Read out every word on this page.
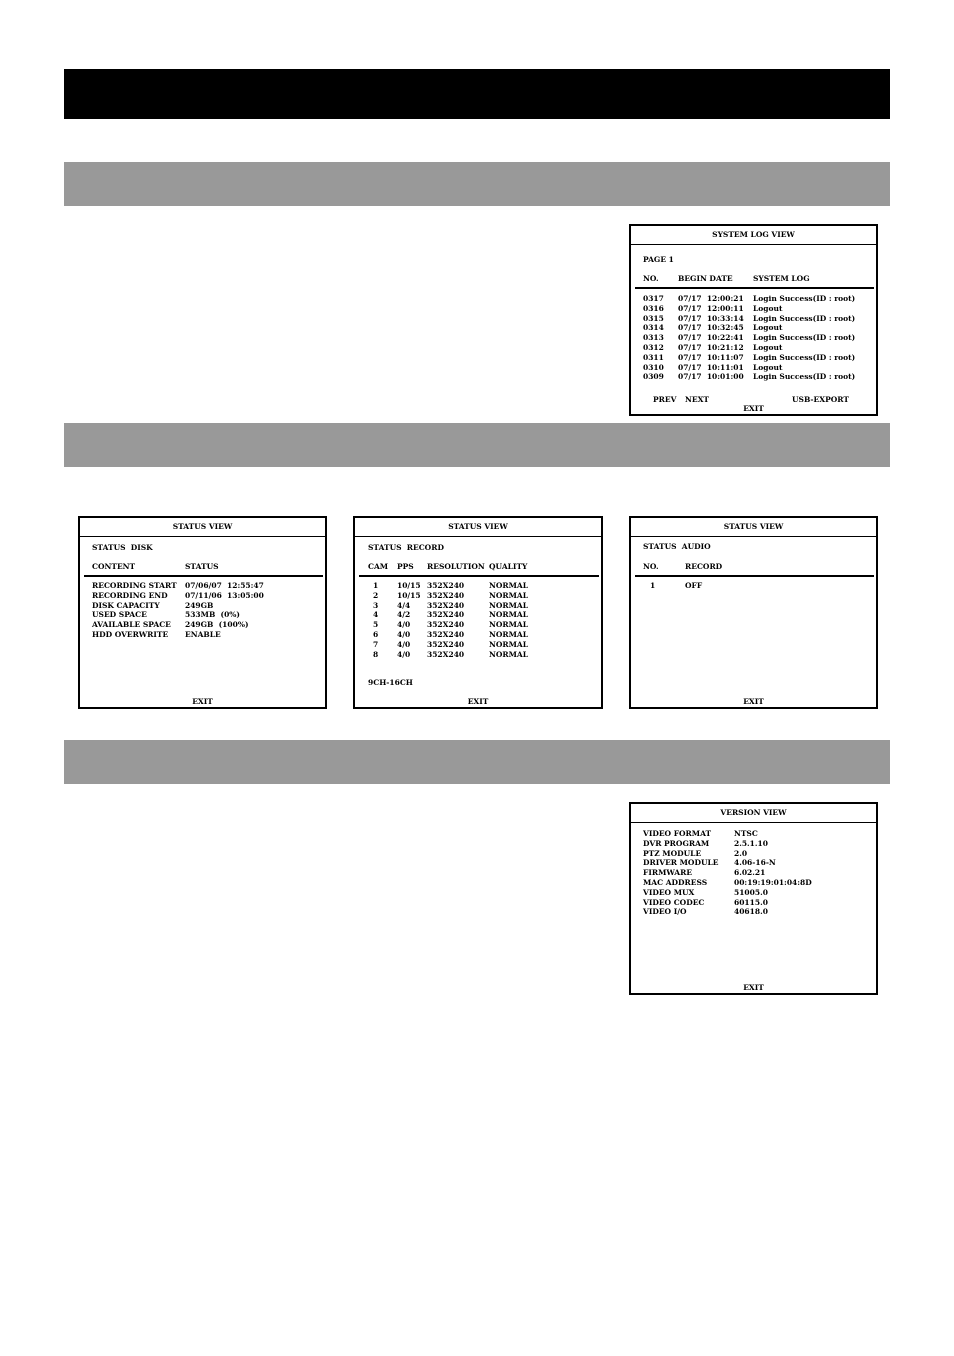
SYSTEM LOG VIEW
PAGE 1
NO.	BEGIN DATE	SYSTEM LOG
0317 07/17  12:00:21 Login Success(ID : root)
0316 07/17  12:00:11 Logout
0315 07/17  10:33:14 Login Success(ID : root)
0314 07/17  10:32:45 Logout
0313 07/17  10:22:41 Login Success(ID : root)
0312 07/17  10:21:12 Logout
0311 07/17  10:11:07 Login Success(ID : root)
0310 07/17  10:11:01 Logout
0309 07/17  10:01:00 Login Success(ID : root)
PREV NEXT	USB-EXPORT
EXIT
STATUS VIEW
STATUS  DISK
CONTENT	STATUS
RECORDING START 07/06/07  12:55:47
RECORDING END 07/11/06  13:05:00
DISK CAPACITY	249GB
USED SPACE	533MB  (0%)
AVAILABLE SPACE 249GB  (100%)
HDD OVERWRITE ENABLE
EXIT
STATUS VIEW
STATUS  RECORD
CAM PPS RESOLUTION QUALITY
1	10/15 352X240	NORMAL
2	10/15 352X240	NORMAL
3	4/4 352X240	NORMAL
4	4/2 352X240	NORMAL
5	4/0 352X240	NORMAL
6	4/0 352X240	NORMAL
7	4/0 352X240	NORMAL
8	4/0 352X240	NORMAL
9CH-16CH
EXIT
STATUS VIEW
STATUS  AUDIO
NO.	RECORD
1	OFF
EXIT
VERSION VIEW
VIDEO FORMAT	NTSC
DVR PROGRAM	2.5.1.10
PTZ MODULE	2.0
DRIVER MODULE 4.06-16-N
FIRMWARE	6.02.21
MAC ADDRESS	00:19:19:01:04:8D
VIDEO MUX	51005.0
VIDEO CODEC	60115.0
VIDEO I/O	40618.0
EXIT
